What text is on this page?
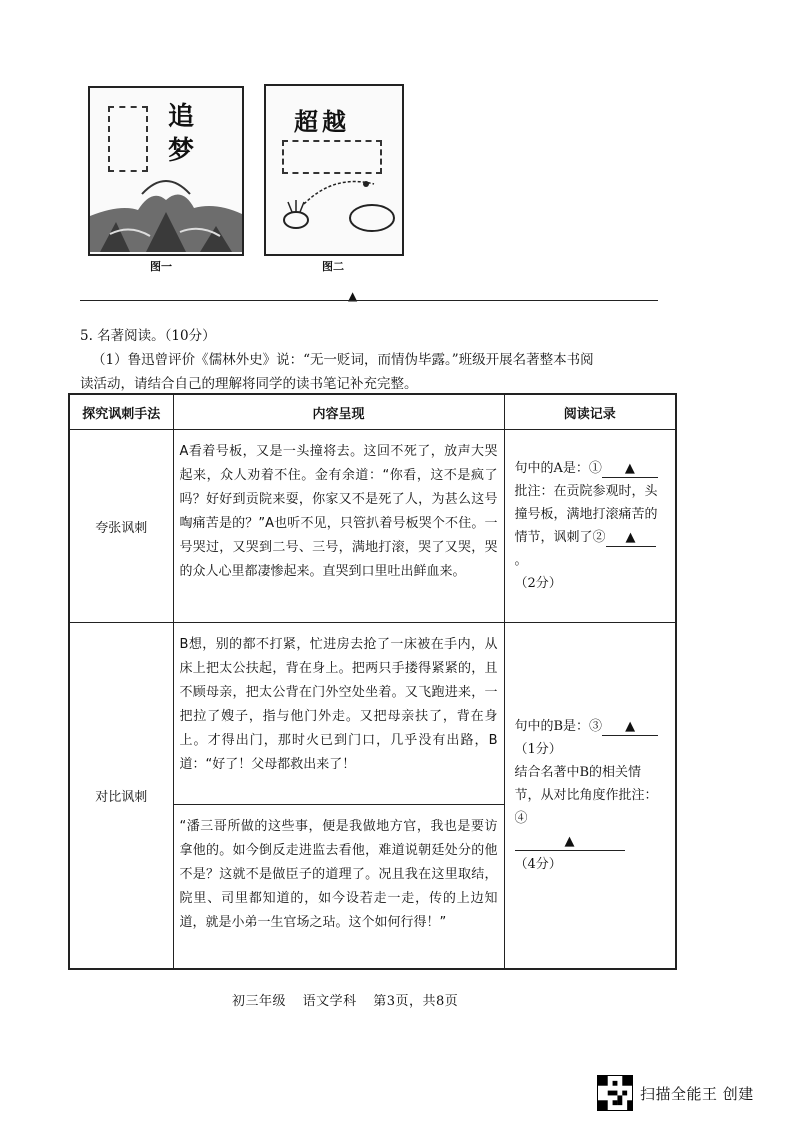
追
梦
图一
超越
图二
▲
5. 名著阅读。（10分）
（1）鲁迅曾评价《儒林外史》说：“无一贬词，而情伪毕露。”班级开展名著整本书阅
读活动，请结合自己的理解将同学的读书笔记补充完整。
探究讽刺手法	内容呈现	阅读记录
夸张讽刺	A看着号板，又是一头撞将去。这回不死了，放声大哭起来，众人劝着不住。金有余道：“你看，这不是疯了吗？好好到贡院来耍，你家又不是死了人，为甚么这号啕痛苦是的？”A也听不见，只管扒着号板哭个不住。一号哭过，又哭到二号、三号，满地打滚，哭了又哭，哭的众人心里都凄惨起来。直哭到口里吐出鲜血来。	句中的A是：① ▲
批注：在贡院参观时，头撞号板，满地打滚痛苦的情节，讽刺了② ▲。
（2分）
对比讽刺	B想，别的都不打紧，忙进房去抢了一床被在手内，从床上把太公扶起，背在身上。把两只手搂得紧紧的，且不顾母亲，把太公背在门外空处坐着。又飞跑进来，一把拉了嫂子，指与他门外走。又把母亲扶了，背在身上。才得出门，那时火已到门口，几乎没有出路，B道：“好了！父母都救出来了！	句中的B是：③ ▲
（1分）
结合名著中B的相关情节，从对比角度作批注：④
▲
（4分）
	“潘三哥所做的这些事，便是我做地方官，我也是要访拿他的。如今倒反走进监去看他，难道说朝廷处分的他不是？这就不是做臣子的道理了。况且我在这里取结，院里、司里都知道的，如今设若走一走，传的上边知道，就是小弟一生官场之玷。这个如何行得！”	
初三年级 语文学科 第3页，共8页
扫描全能王 创建
